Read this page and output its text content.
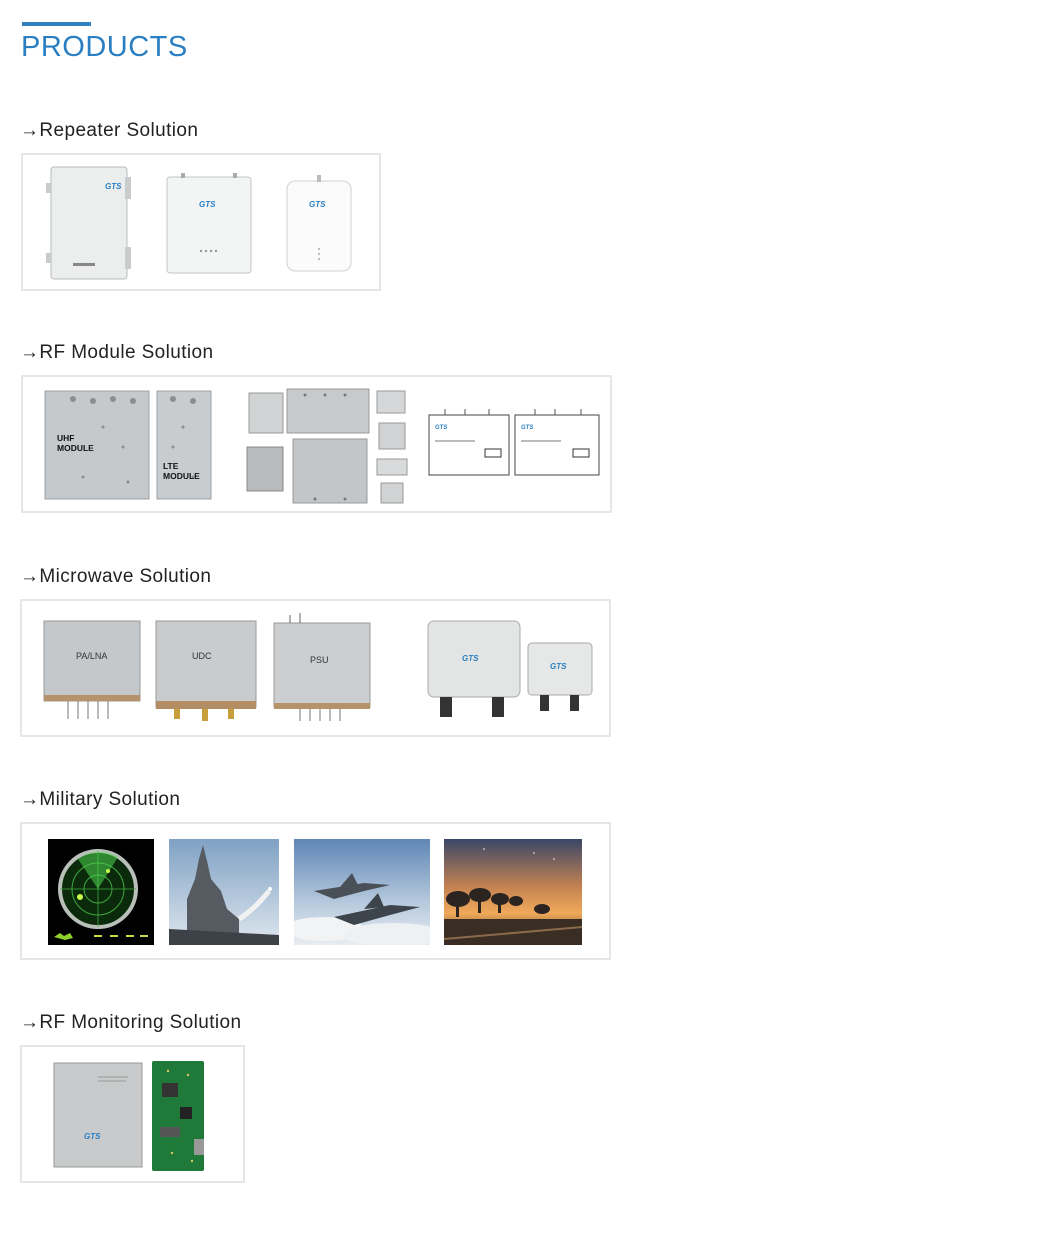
PRODUCTS
→Repeater Solution
GTS
GTS	GTS
→RF Module Solution
UHF
MODULE
LTE
MODULE
GTS	GTS
→Microwave Solution
PA/LNA	UDC	PSU	GTS
GTS
→Military Solution
→RF Monitoring Solution
GTS
